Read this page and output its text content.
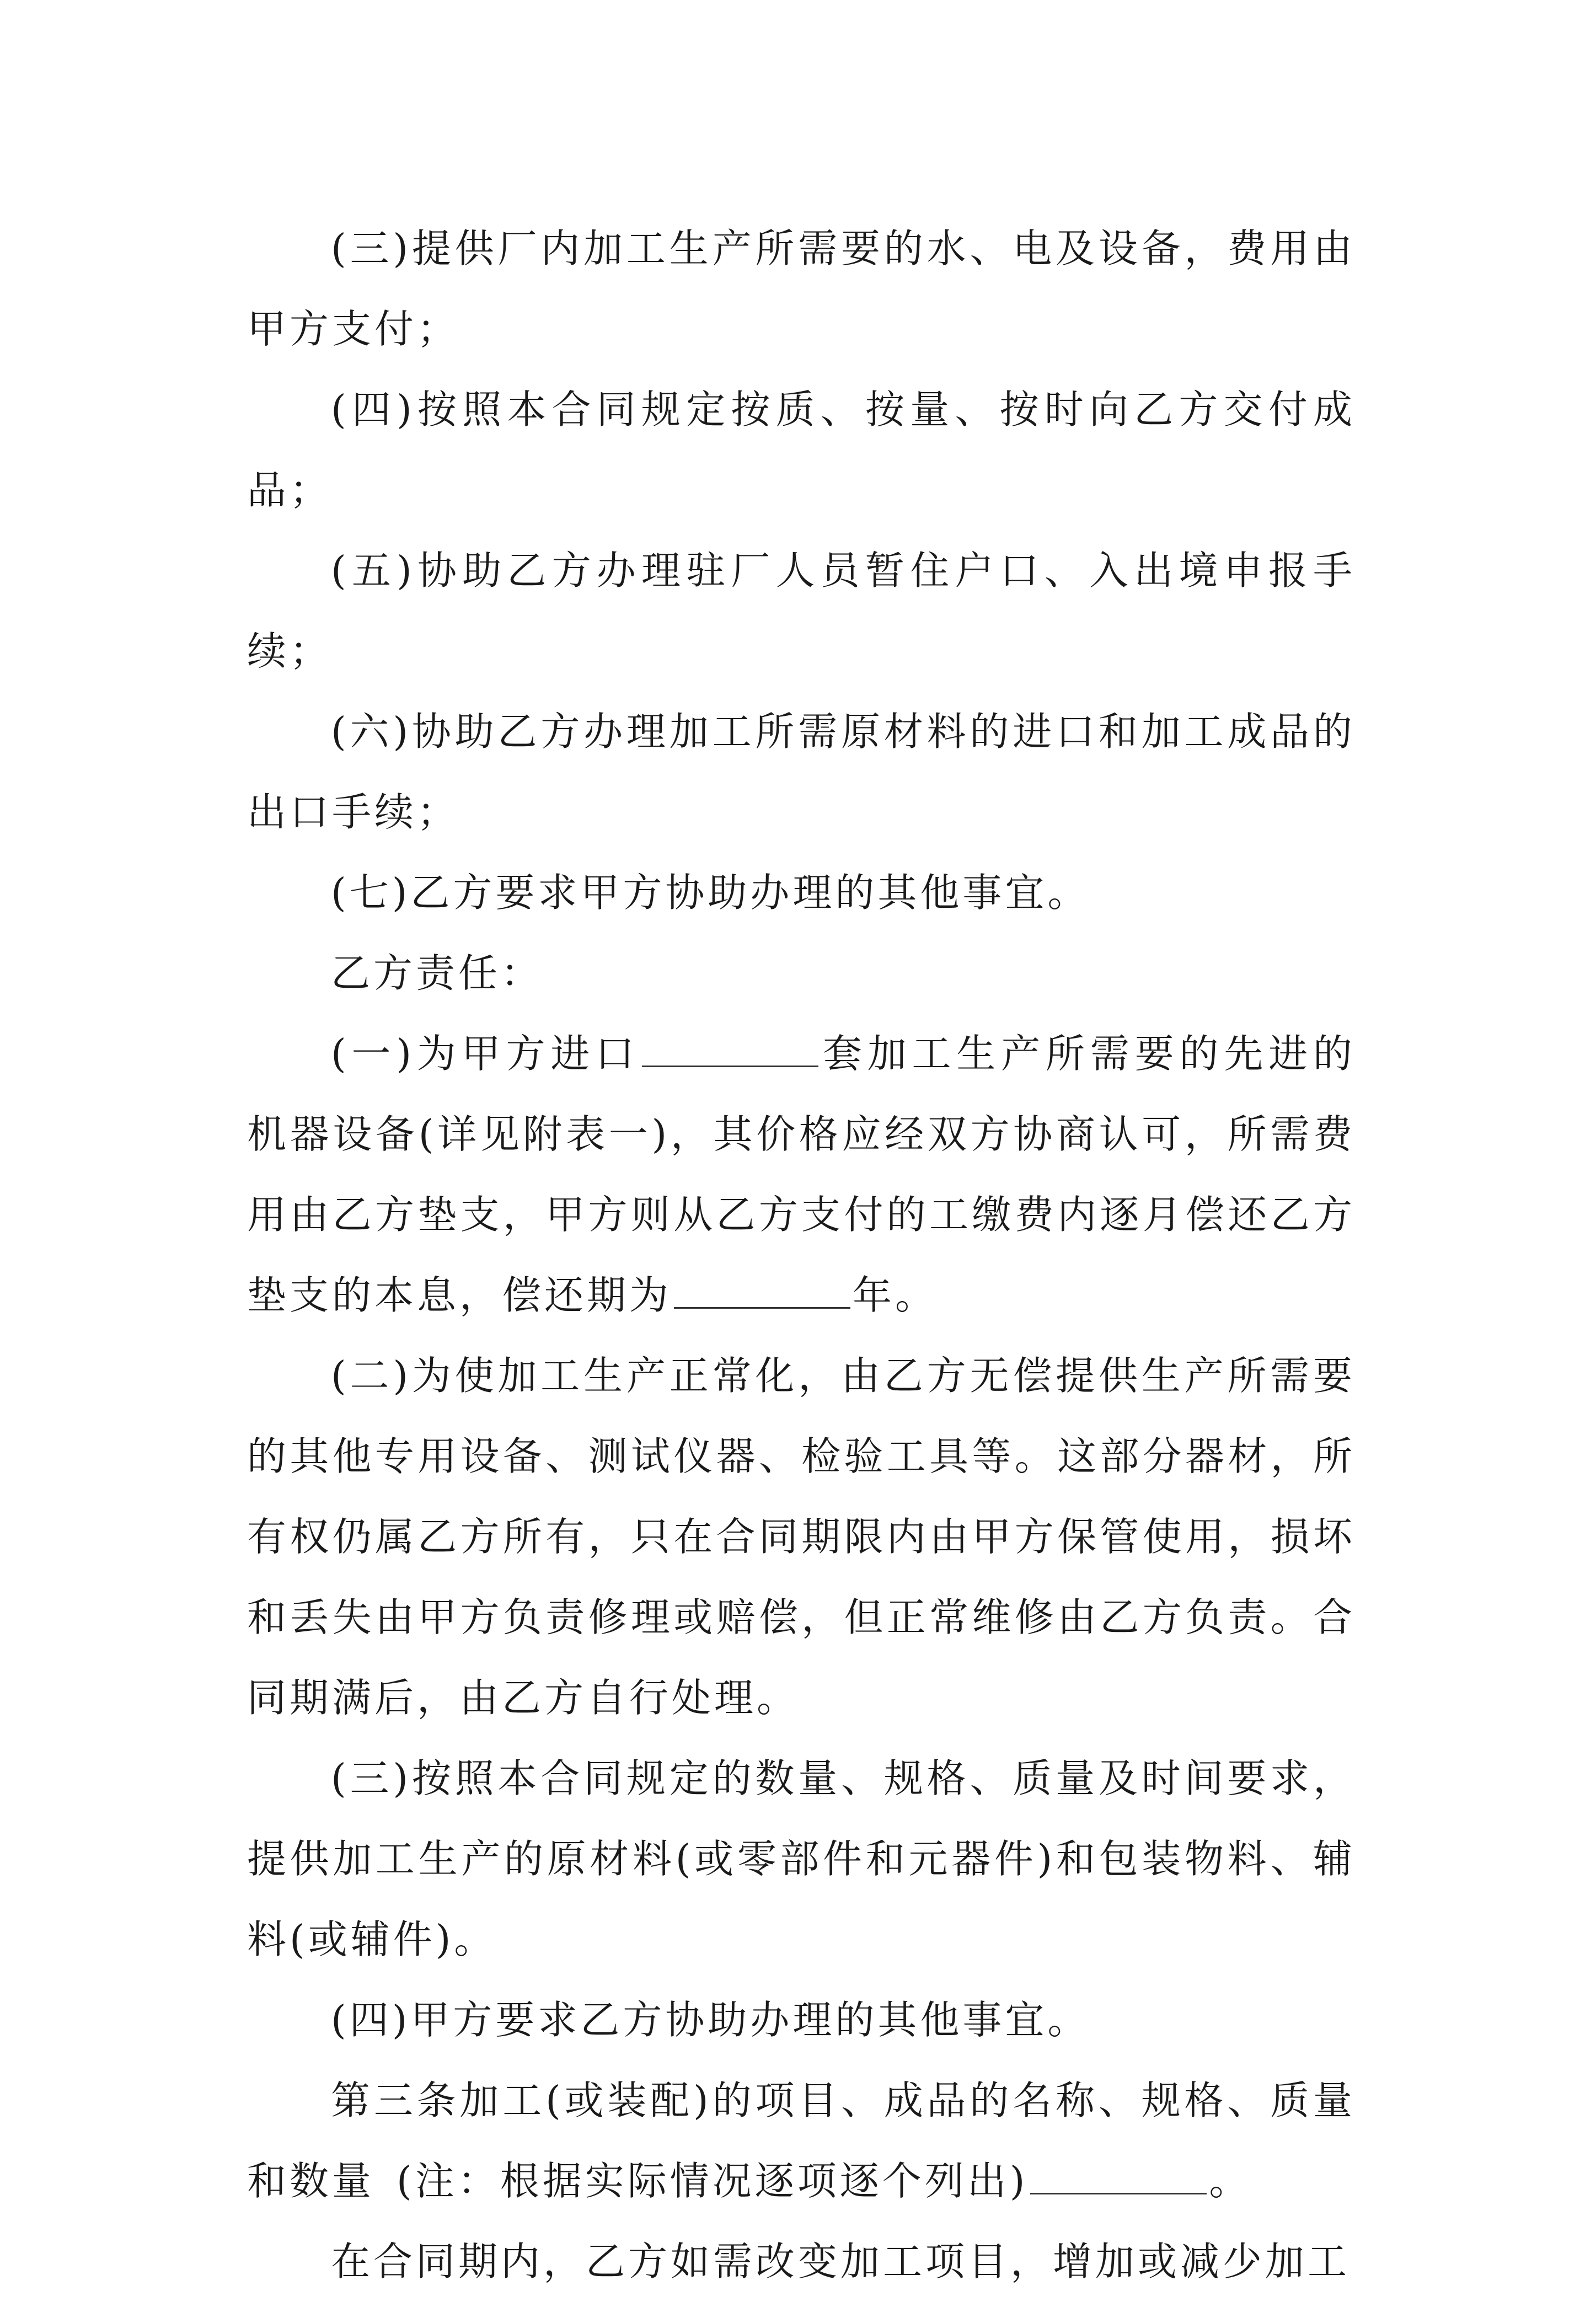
(三)提供厂内加工生产所需要的水、电及设备，费用由甲方支付；

(四)按照本合同规定按质、按量、按时向乙方交付成品；

(五)协助乙方办理驻厂人员暂住户口、入出境申报手续；

(六)协助乙方办理加工所需原材料的进口和加工成品的出口手续；

(七)乙方要求甲方协助办理的其他事宜。

乙方责任：

(一)为甲方进口	套加工生产所需要的先进的机器设备(详见附表一)，其价格应经双方协商认可，所需费用由乙方垫支，甲方则从乙方支付的工缴费内逐月偿还乙方垫支的本息，偿还期为	年。

(二)为使加工生产正常化，由乙方无偿提供生产所需要的其他专用设备、测试仪器、检验工具等。这部分器材，所有权仍属乙方所有，只在合同期限内由甲方保管使用，损坏和丢失由甲方负责修理或赔偿，但正常维修由乙方负责。合同期满后，由乙方自行处理。

(三)按照本合同规定的数量、规格、质量及时间要求，提供加工生产的原材料(或零部件和元器件)和包装物料、辅料(或辅件)。

(四)甲方要求乙方协助办理的其他事宜。

第三条加工(或装配)的项目、成品的名称、规格、质量和数量 (注：根据实际情况逐项逐个列出)	。

在合同期内，乙方如需改变加工项目，增加或减少加工
